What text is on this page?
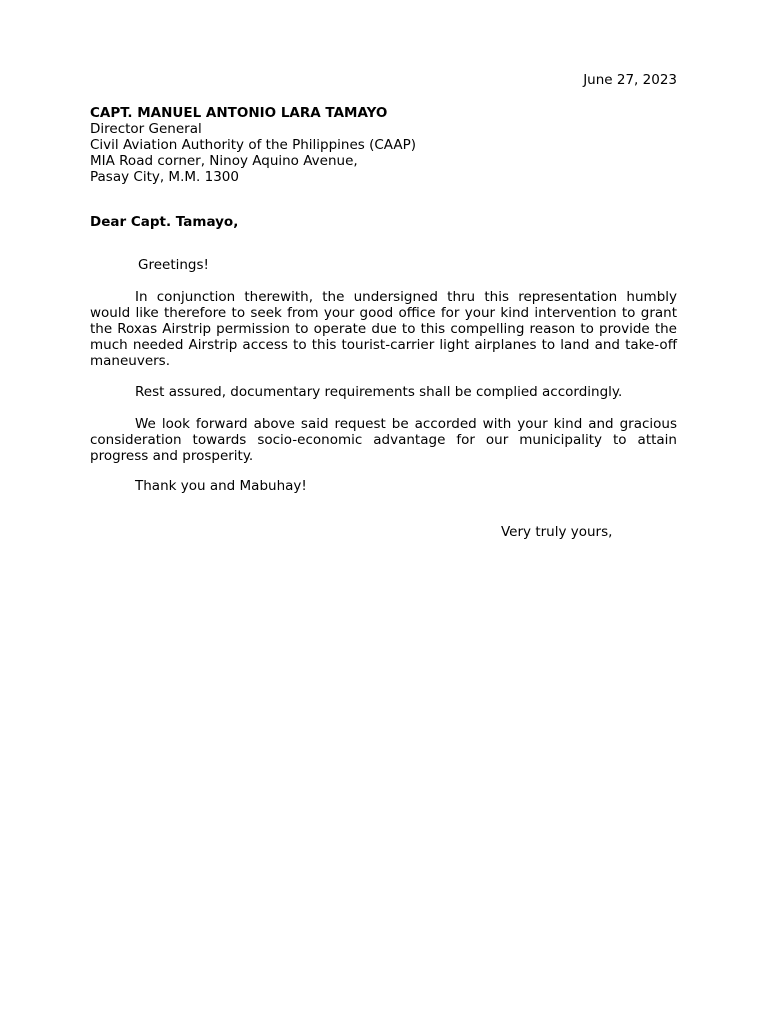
June 27, 2023
CAPT. MANUEL ANTONIO LARA TAMAYO
Director General
Civil Aviation Authority of the Philippines (CAAP)
MIA Road corner, Ninoy Aquino Avenue,
Pasay City, M.M. 1300
Dear Capt. Tamayo,

Greetings!

In conjunction therewith, the undersigned thru this representation humbly would like therefore to seek from your good office for your kind intervention to grant the Roxas Airstrip permission to operate due to this compelling reason to provide the much needed Airstrip access to this tourist-carrier light airplanes to land and take-off maneuvers.

Rest assured, documentary requirements shall be complied accordingly.

We look forward above said request be accorded with your kind and gracious consideration towards socio-economic advantage for our municipality to attain progress and prosperity.

Thank you and Mabuhay!

Very truly yours,
